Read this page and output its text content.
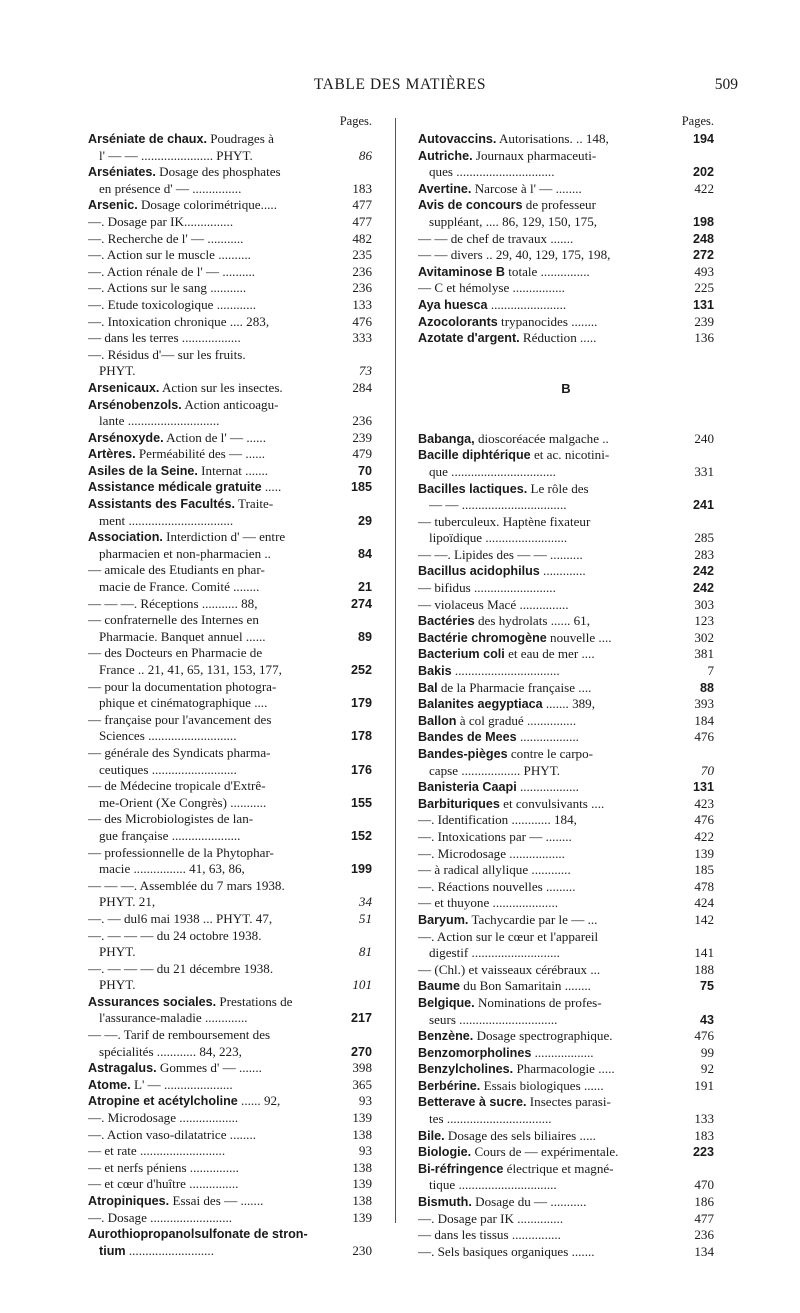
TABLE DES MATIÈRES	509
Pages.
Arséniate de chaux. Poudrages à
l' — — ...................... PHYT.	86
Arséniates. Dosage des phosphates
en présence d' — ...............	183
Arsenic. Dosage colorimétrique.....	477
—. Dosage par IK...............	477
—. Recherche de l' — ...........	482
—. Action sur le muscle ..........	235
—. Action rénale de l' — ..........	236
—. Actions sur le sang ...........	236
—. Etude toxicologique ............	133
—. Intoxication chronique .... 283,	476
— dans les terres ..................	333
—. Résidus d'— sur les fruits.
PHYT.	73
Arsenicaux. Action sur les insectes.	284
Arsénobenzols. Action anticoagu-
lante ............................	236
Arsénoxyde. Action de l' — ......	239
Artères. Perméabilité des — ......	479
Asiles de la Seine. Internat .......	70
Assistance médicale gratuite .....	185
Assistants des Facultés. Traite-
ment ................................	29
Association. Interdiction d' — entre
pharmacien et non-pharmacien ..	84
— amicale des Etudiants en phar-
macie de France. Comité ........	21
— — —. Réceptions ........... 88,	274
— confraternelle des Internes en
Pharmacie. Banquet annuel ......	89
— des Docteurs en Pharmacie de
France .. 21, 41, 65, 131, 153, 177,	252
— pour la documentation photogra-
phique et cinématographique ....	179
— française pour l'avancement des
Sciences ...........................	178
— générale des Syndicats pharma-
ceutiques ..........................	176
— de Médecine tropicale d'Extrê-
me-Orient (Xe Congrès) ...........	155
— des Microbiologistes de lan-
gue française .....................	152
— professionnelle de la Phytophar-
macie ................ 41, 63, 86,	199
— — —. Assemblée du 7 mars 1938.
PHYT. 21,	34
—. — dul6 mai 1938 ... PHYT. 47,	51
—. — — — du 24 octobre 1938.
PHYT.	81
—. — — — du 21 décembre 1938.
PHYT.	101
Assurances sociales. Prestations de
l'assurance-maladie .............	217
— —. Tarif de remboursement des
spécialités ............ 84, 223,	270
Astragalus. Gommes d' — .......	398
Atome. L' — .....................	365
Atropine et acétylcholine ...... 92,	93
—. Microdosage ..................	139
—. Action vaso-dilatatrice ........	138
— et rate ..........................	93
— et nerfs péniens ...............	138
— et cœur d'huître ...............	139
Atropiniques. Essai des — .......	138
—. Dosage .........................	139
Aurothiopropanolsulfonate de stron-
tium ..........................	230
Pages.
Autovaccins. Autorisations. .. 148,	194
Autriche. Journaux pharmaceuti-
ques ..............................	202
Avertine. Narcose à l' — ........	422
Avis de concours de professeur
suppléant, .... 86, 129, 150, 175,	198
— — de chef de travaux .......	248
— — divers .. 29, 40, 129, 175, 198,	272
Avitaminose B totale ...............	493
— C et hémolyse ................	225
Aya huesca .......................	131
Azocolorants trypanocides ........	239
Azotate d'argent. Réduction .....	136
B
Babanga, dioscoréacée malgache ..	240
Bacille diphtérique et ac. nicotini-
que ................................	331
Bacilles lactiques. Le rôle des
— — ................................	241
— tuberculeux. Haptène fixateur
lipoïdique .........................	285
— —. Lipides des — — ..........	283
Bacillus acidophilus .............	242
— bifidus .........................	242
— violaceus Macé ...............	303
Bactéries des hydrolats ...... 61,	123
Bactérie chromogène nouvelle ....	302
Bacterium coli et eau de mer ....	381
Bakis ................................	7
Bal de la Pharmacie française ....	88
Balanites aegyptiaca ....... 389,	393
Ballon à col gradué ...............	184
Bandes de Mees ..................	476
Bandes-pièges contre le carpo-
capse .................. PHYT.	70
Banisteria Caapi ..................	131
Barbituriques et convulsivants ....	423
—. Identification ............ 184,	476
—. Intoxications par — ........	422
—. Microdosage .................	139
— à radical allylique ............	185
—. Réactions nouvelles .........	478
— et thuyone ....................	424
Baryum. Tachycardie par le — ...	142
—. Action sur le cœur et l'appareil
digestif ...........................	141
— (Chl.) et vaisseaux cérébraux ...	188
Baume du Bon Samaritain ........	75
Belgique. Nominations de profes-
seurs ..............................	43
Benzène. Dosage spectrographique.	476
Benzomorpholines ..................	99
Benzylcholines. Pharmacologie .....	92
Berbérine. Essais biologiques ......	191
Betterave à sucre. Insectes parasi-
tes ................................	133
Bile. Dosage des sels biliaires .....	183
Biologie. Cours de — expérimentale.	223
Bi-réfringence électrique et magné-
tique ..............................	470
Bismuth. Dosage du — ...........	186
—. Dosage par IK ..............	477
— dans les tissus ...............	236
—. Sels basiques organiques .......	134
